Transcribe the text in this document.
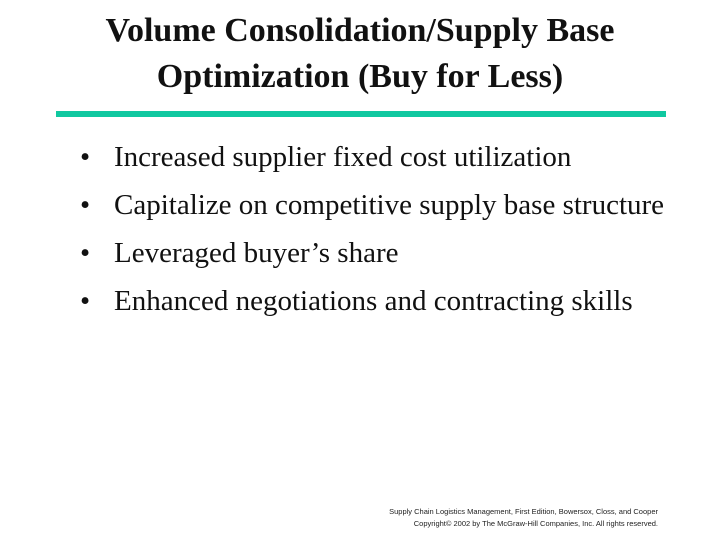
Volume Consolidation/Supply Base
Optimization (Buy for Less)
• Increased supplier fixed cost utilization
• Capitalize on competitive supply base structure
• Leveraged buyer’s share
• Enhanced negotiations and contracting skills
Supply Chain Logistics Management, First Edition, Bowersox, Closs, and Cooper
Copyright© 2002 by The McGraw-Hill Companies, Inc. All rights reserved.
